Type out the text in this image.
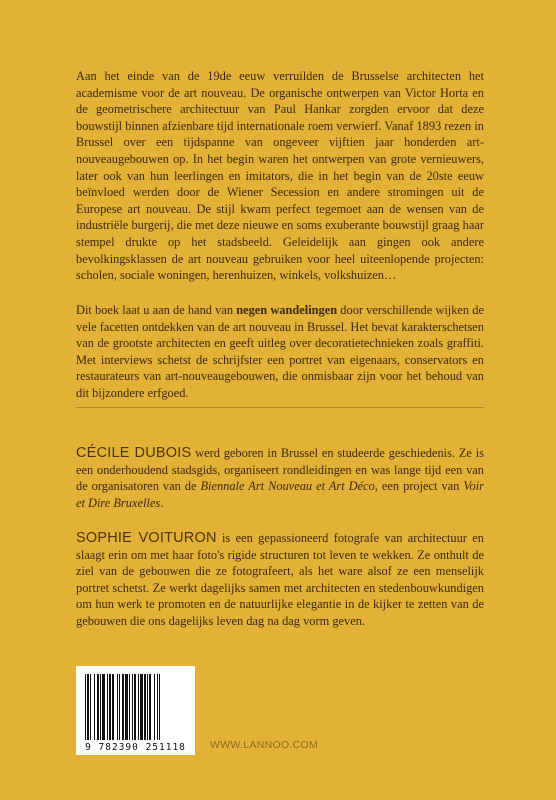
Aan het einde van de 19de eeuw verruilden de Brusselse architecten het academisme voor de art nouveau. De organische ontwerpen van Victor Horta en de geometrischere architectuur van Paul Hankar zorgden ervoor dat deze bouwstijl binnen afzienbare tijd internationale roem verwierf. Vanaf 1893 rezen in Brussel over een tijdspanne van ongeveer vijftien jaar honderden art-nouveaugebouwen op. In het begin waren het ontwerpen van grote vernieuwers, later ook van hun leerlingen en imitators, die in het begin van de 20ste eeuw beïnvloed werden door de Wiener Secession en andere stromingen uit de Europese art nouveau. De stijl kwam perfect tegemoet aan de wensen van de industriële burgerij, die met deze nieuwe en soms exuberante bouwstijl graag haar stempel drukte op het stadsbeeld. Geleidelijk aan gingen ook andere bevolkingsklassen de art nouveau gebruiken voor heel uiteenlopende projecten: scholen, sociale woningen, herenhuizen, winkels, volkshuizen…

Dit boek laat u aan de hand van negen wandelingen door verschillende wijken de vele facetten ontdekken van de art nouveau in Brussel. Het bevat karakterschetsen van de grootste architecten en geeft uitleg over decoratietechnieken zoals graffiti. Met interviews schetst de schrijfster een portret van eigenaars, conservators en restaurateurs van art-nouveaugebouwen, die onmisbaar zijn voor het behoud van dit bijzondere erfgoed.

CÉCILE DUBOIS werd geboren in Brussel en studeerde geschiedenis. Ze is een onderhoudend stadsgids, organiseert rondleidingen en was lange tijd een van de organisatoren van de Biennale Art Nouveau et Art Déco, een project van Voir et Dire Bruxelles.

SOPHIE VOITURON is een gepassioneerd fotografe van architectuur en slaagt erin om met haar foto's rigide structuren tot leven te wekken. Ze onthult de ziel van de gebouwen die ze fotografeert, als het ware alsof ze een menselijk portret schetst. Ze werkt dagelijks samen met architecten en stedenbouwkundigen om hun werk te promoten en de natuurlijke elegantie in de kijker te zetten van de gebouwen die ons dagelijks leven dag na dag vorm geven.

9 782390 251118	WWW.LANNOO.COM
